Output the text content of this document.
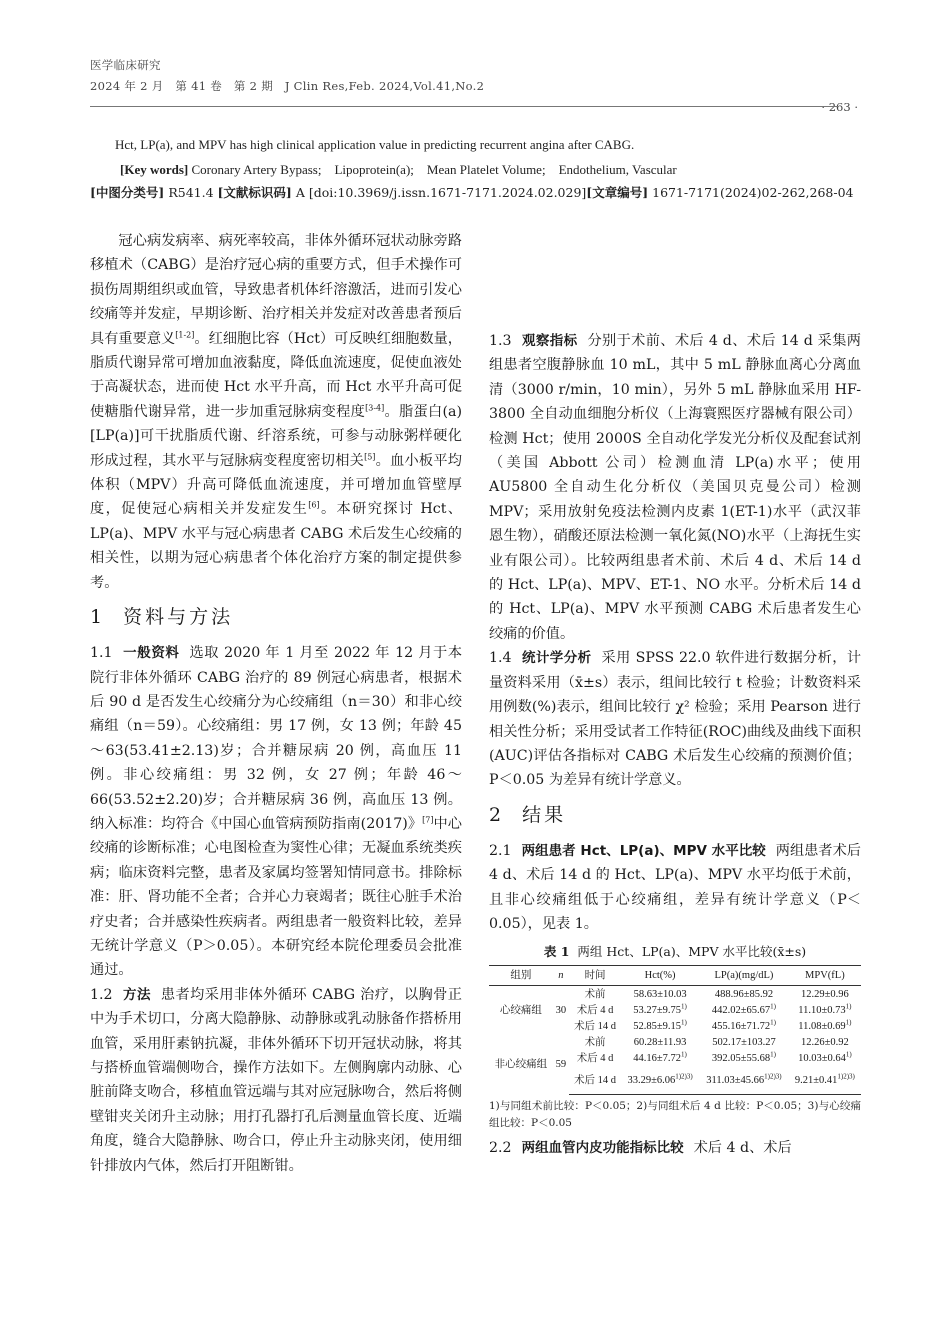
医学临床研究
2024 年 2 月　第 41 卷　第 2 期　J Clin Res,Feb. 2024,Vol.41,No.2
· 263 ·
Hct, LP(a), and MPV has high clinical application value in predicting recurrent angina after CABG.
[Key words] Coronary Artery Bypass;　Lipoprotein(a);　Mean Platelet Volume;　Endothelium, Vascular
[中图分类号] R541.4 [文献标识码] A [doi:10.3969/j.issn.1671-7171.2024.02.029][文章编号] 1671-7171(2024)02-262,268-04

冠心病发病率、病死率较高，非体外循环冠状动脉旁路移植术（CABG）是治疗冠心病的重要方式，但手术操作可损伤周期组织或血管，导致患者机体纤溶激活，进而引发心绞痛等并发症，早期诊断、治疗相关并发症对改善患者预后具有重要意义[1-2]。红细胞比容（Hct）可反映红细胞数量，脂质代谢异常可增加血液黏度，降低血流速度，促使血液处于高凝状态，进而使 Hct 水平升高，而 Hct 水平升高可促使糖脂代谢异常，进一步加重冠脉病变程度[3-4]。脂蛋白(a)[LP(a)]可干扰脂质代谢、纤溶系统，可参与动脉粥样硬化形成过程，其水平与冠脉病变程度密切相关[5]。血小板平均体积（MPV）升高可降低血流速度，并可增加血管壁厚度，促使冠心病相关并发症发生[6]。本研究探讨 Hct、LP(a)、MPV 水平与冠心病患者 CABG 术后发生心绞痛的相关性，以期为冠心病患者个体化治疗方案的制定提供参考。

1 资料与方法

1.1 一般资料 选取 2020 年 1 月至 2022 年 12 月于本院行非体外循环 CABG 治疗的 89 例冠心病患者，根据术后 90 d 是否发生心绞痛分为心绞痛组（n＝30）和非心绞痛组（n＝59）。心绞痛组：男 17 例，女 13 例；年龄 45～63(53.41±2.13)岁；合并糖尿病 20 例，高血压 11 例。非心绞痛组：男 32 例，女 27 例；年龄 46～66(53.52±2.20)岁；合并糖尿病 36 例，高血压 13 例。纳入标准：均符合《中国心血管病预防指南(2017)》[7]中心绞痛的诊断标准；心电图检查为窦性心律；无凝血系统类疾病；临床资料完整，患者及家属均签署知情同意书。排除标准：肝、肾功能不全者；合并心力衰竭者；既往心脏手术治疗史者；合并感染性疾病者。两组患者一般资料比较，差异无统计学意义（P＞0.05）。本研究经本院伦理委员会批准通过。

1.2 方法 患者均采用非体外循环 CABG 治疗，以胸骨正中为手术切口，分离大隐静脉、动静脉或乳动脉备作搭桥用血管，采用肝素钠抗凝，非体外循环下切开冠状动脉，将其与搭桥血管端侧吻合，操作方法如下。左侧胸廓内动脉、心脏前降支吻合，移植血管远端与其对应冠脉吻合，然后将侧壁钳夹关闭升主动脉；用打孔器打孔后测量血管长度、近端角度，缝合大隐静脉、吻合口，停止升主动脉夹闭，使用细针排放内气体，然后打开阻断钳。

1.3 观察指标 分别于术前、术后 4 d、术后 14 d 采集两组患者空腹静脉血 10 mL，其中 5 mL 静脉血离心分离血清（3000 r/min，10 min），另外 5 mL 静脉血采用 HF-3800 全自动血细胞分析仪（上海寰熙医疗器械有限公司）检测 Hct；使用 2000S 全自动化学发光分析仪及配套试剂（美国 Abbott 公司）检测血清 LP(a)水平；使用 AU5800 全自动生化分析仪（美国贝克曼公司）检测 MPV；采用放射免疫法检测内皮素 1(ET-1)水平（武汉菲恩生物），硝酸还原法检测一氧化氮(NO)水平（上海抚生实业有限公司）。比较两组患者术前、术后 4 d、术后 14 d 的 Hct、LP(a)、MPV、ET-1、NO 水平。分析术后 14 d 的 Hct、LP(a)、MPV 水平预测 CABG 术后患者发生心绞痛的价值。

1.4 统计学分析 采用 SPSS 22.0 软件进行数据分析，计量资料采用（x̄±s）表示，组间比较行 t 检验；计数资料采用例数(%)表示，组间比较行 χ² 检验；采用 Pearson 进行相关性分析；采用受试者工作特征(ROC)曲线及曲线下面积(AUC)评估各指标对 CABG 术后发生心绞痛的预测价值；P＜0.05 为差异有统计学意义。

2 结果

2.1 两组患者 Hct、LP(a)、MPV 水平比较 两组患者术后 4 d、术后 14 d 的 Hct、LP(a)、MPV 水平均低于术前，且非心绞痛组低于心绞痛组，差异有统计学意义（P＜0.05），见表 1。

表 1 两组 Hct、LP(a)、MPV 水平比较(x̄±s)
组别	n	时间	Hct(%)	LP(a)(mg/dL)	MPV(fL)
心绞痛组	30	术前	58.63±10.03	488.96±85.92	12.29±0.96
		术后 4 d	$53.27\pm 9.75^{1)}$	$442.02\pm 65.67^{1)}$	$11.10\pm 0.73^{1)}$
		术后 14 d	$52.85\pm 9.15^{1)}$	$455.16\pm 71.72^{1)}$	$11.08\pm 0.69^{1)}$
非心绞痛组	59	术前	60.28±11.93	502.17±103.27	12.26±0.92
		术后 4 d	$44.16\pm 7.72^{1)}$	$392.05\pm 55.68^{1)}$	$10.03\pm 0.64^{1)}$
		术后 14 d	$33.29\pm 6.06^{1)2)3)}$	$311.03\pm 45.66^{1)2)3)}$	$9.21\pm 0.41^{1)2)3)}$
1)与同组术前比较：P＜0.05；2)与同组术后 4 d 比较：P＜0.05；3)与心绞痛组比较：P＜0.05

2.2 两组血管内皮功能指标比较 术后 4 d、术后
